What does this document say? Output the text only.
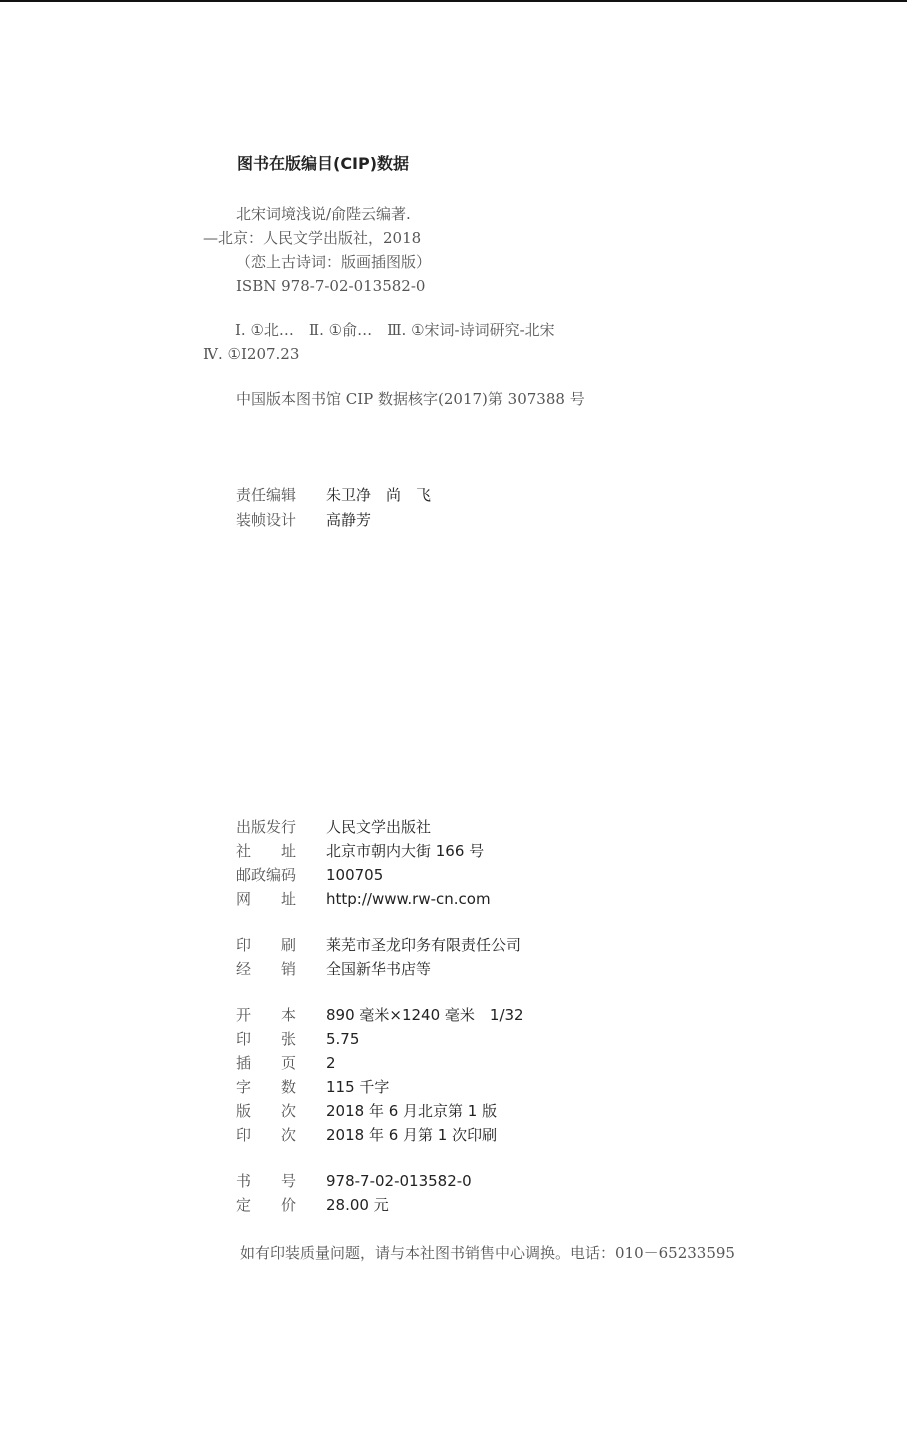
图书在版编目(CIP)数据
北宋词境浅说/俞陛云编著.
—北京：人民文学出版社，2018
（恋上古诗词：版画插图版）
ISBN 978-7-02-013582-0
Ⅰ. ①北…　Ⅱ. ①俞…　Ⅲ. ①宋词-诗词研究-北宋
Ⅳ. ①I207.23
中国版本图书馆 CIP 数据核字(2017)第 307388 号
责任编辑	朱卫净　尚　飞
装帧设计	高静芳
出版发行	人民文学出版社
社　　址	北京市朝内大街 166 号
邮政编码	100705
网　　址	http://www.rw-cn.com
印　　刷	莱芜市圣龙印务有限责任公司
经　　销	全国新华书店等
开　　本	890 毫米×1240 毫米　1/32
印　　张	5.75
插　　页	2
字　　数	115 千字
版　　次	2018 年 6 月北京第 1 版
印　　次	2018 年 6 月第 1 次印刷
书　　号	978-7-02-013582-0
定　　价	28.00 元
如有印装质量问题，请与本社图书销售中心调换。电话：010－65233595
